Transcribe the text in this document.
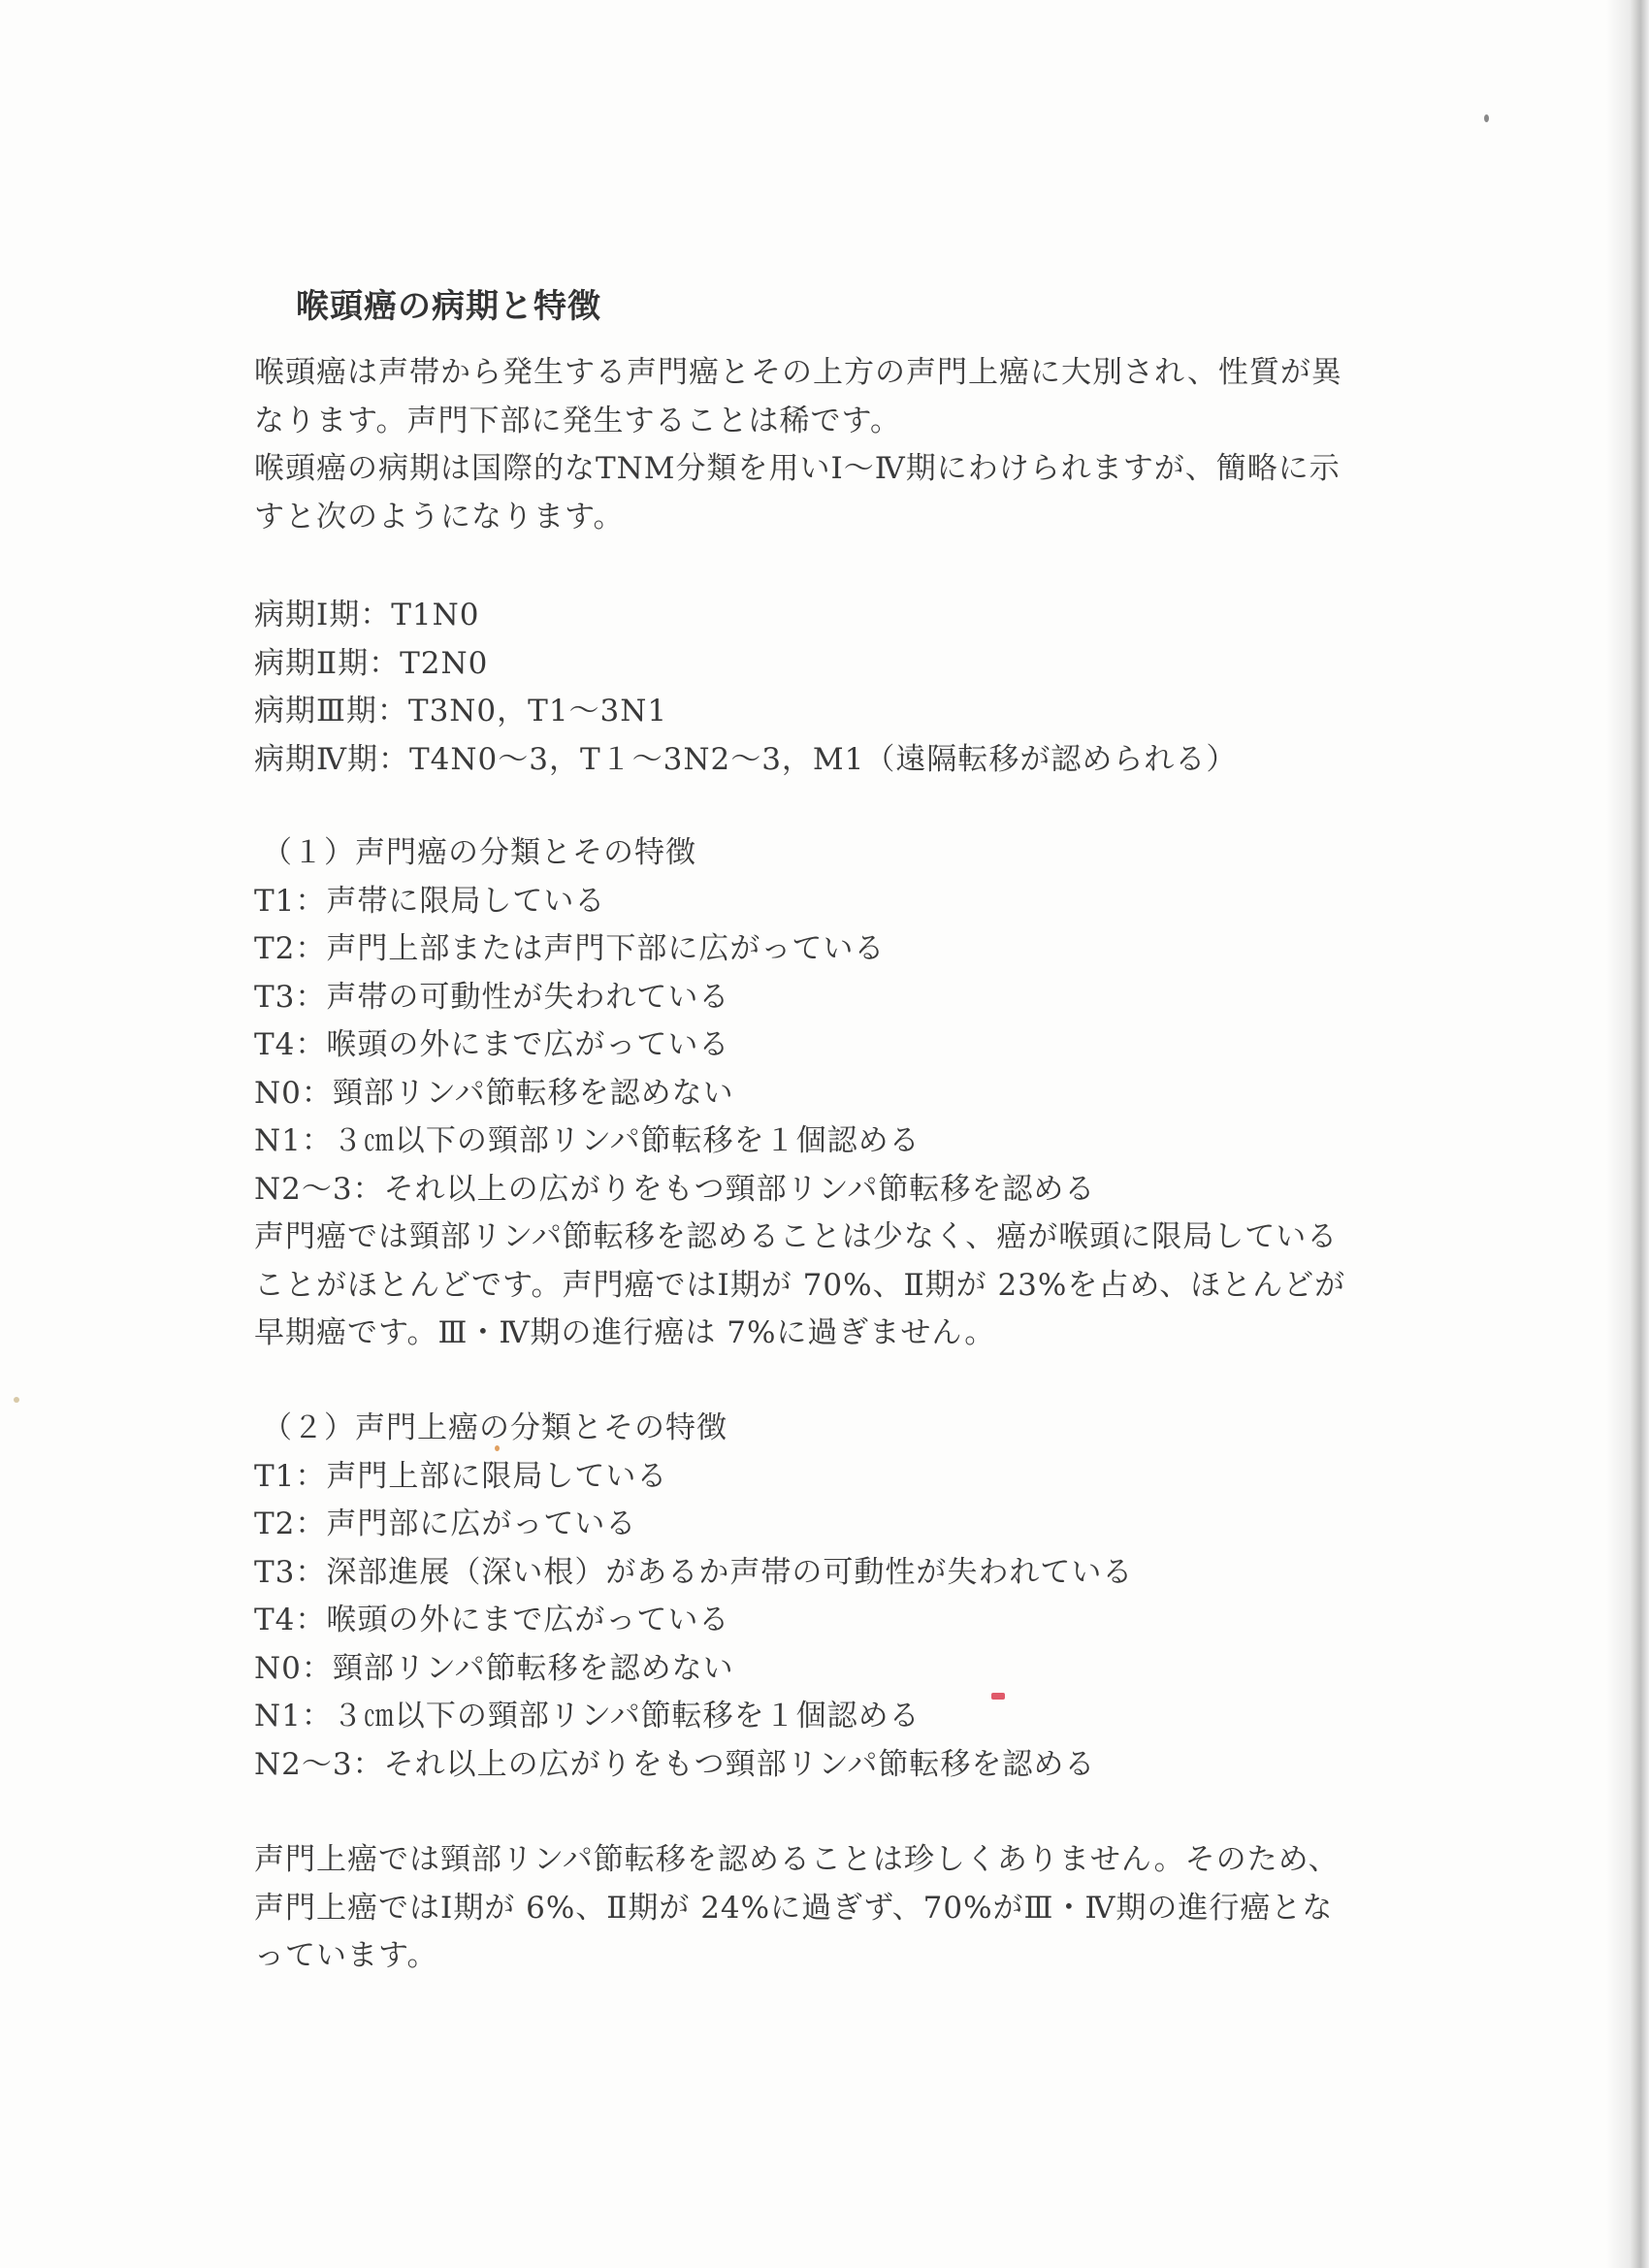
喉頭癌の病期と特徴
喉頭癌は声帯から発生する声門癌とその上方の声門上癌に大別され、性質が異
なります。声門下部に発生することは稀です。
喉頭癌の病期は国際的なTNM分類を用いⅠ～Ⅳ期にわけられますが、簡略に示
すと次のようになります。
病期Ⅰ期：T1N0
病期Ⅱ期：T2N0
病期Ⅲ期：T3N0，T1～3N1
病期Ⅳ期：T4N0～3，T１～3N2～3，M1（遠隔転移が認められる）
（１）声門癌の分類とその特徴
T1：声帯に限局している
T2：声門上部または声門下部に広がっている
T3：声帯の可動性が失われている
T4：喉頭の外にまで広がっている
N0：頸部リンパ節転移を認めない
N1：３㎝以下の頸部リンパ節転移を１個認める
N2～3：それ以上の広がりをもつ頸部リンパ節転移を認める
声門癌では頸部リンパ節転移を認めることは少なく、癌が喉頭に限局している
ことがほとんどです。声門癌ではⅠ期が 70%、Ⅱ期が 23%を占め、ほとんどが
早期癌です。Ⅲ・Ⅳ期の進行癌は 7%に過ぎません。
（２）声門上癌の分類とその特徴
T1：声門上部に限局している
T2：声門部に広がっている
T3：深部進展（深い根）があるか声帯の可動性が失われている
T4：喉頭の外にまで広がっている
N0：頸部リンパ節転移を認めない
N1：３㎝以下の頸部リンパ節転移を１個認める
N2～3：それ以上の広がりをもつ頸部リンパ節転移を認める
声門上癌では頸部リンパ節転移を認めることは珍しくありません。そのため、
声門上癌ではⅠ期が 6%、Ⅱ期が 24%に過ぎず、70%がⅢ・Ⅳ期の進行癌とな
っています。
